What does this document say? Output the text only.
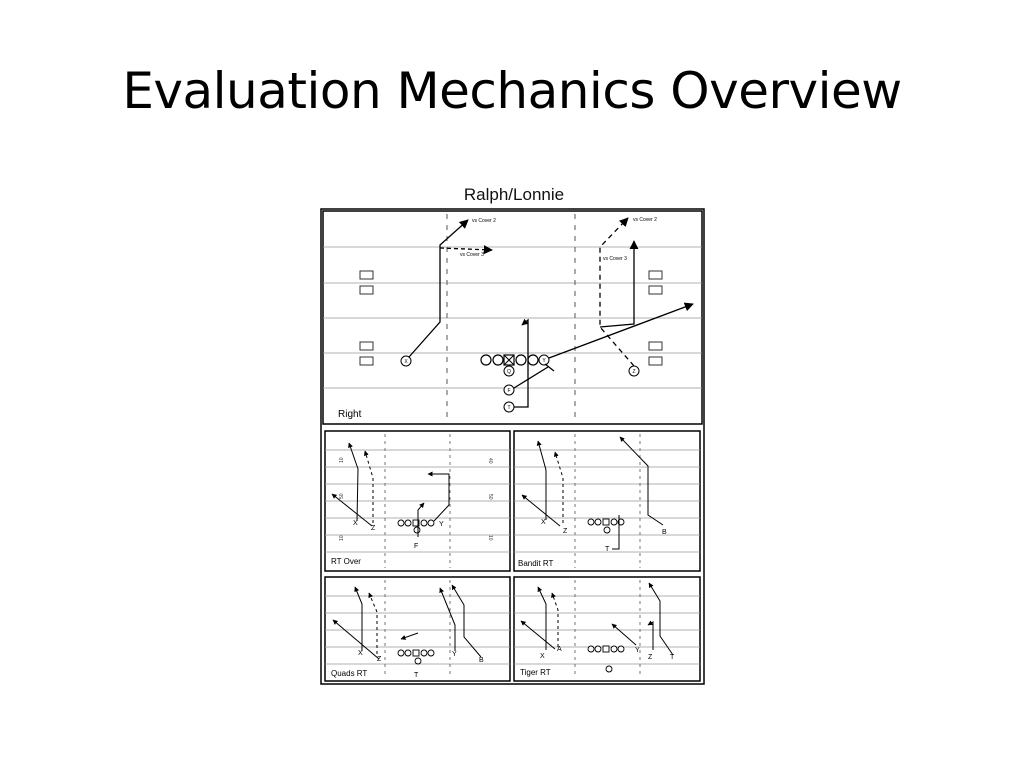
Evaluation Mechanics Overview
Ralph/Lonnie
X
Q
Y
F
T
Z
vs Cover 2
vs Cover 3
vs Cover 2
vs Cover 3
Right
10
50
10
40
50
10
X
Z
Y
F
RT Over
X
Z
T
B
Bandit RT
X
Z
Y
B
T
Quads RT
X
A	Y
Z	T
Tiger RT
